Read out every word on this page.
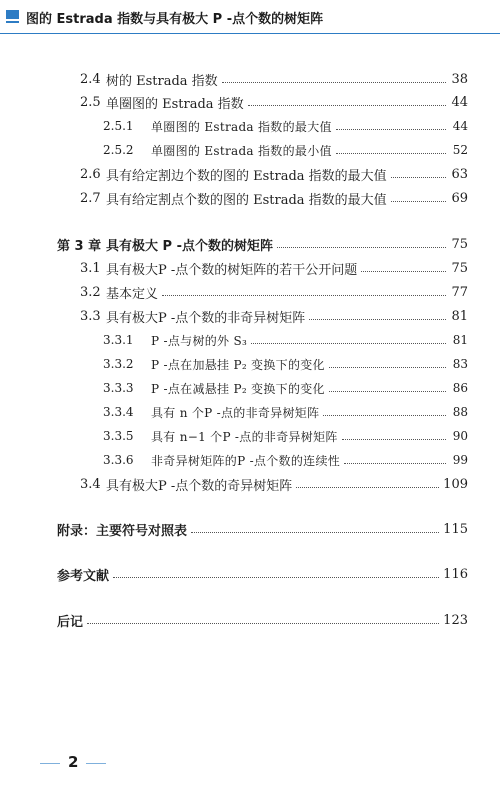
图的 Estrada 指数与具有极大 P -点个数的树矩阵
2.4 树的 Estrada 指数	38
2.5 单圈图的 Estrada 指数	44
2.5.1	单圈图的 Estrada 指数的最大值	44
2.5.2	单圈图的 Estrada 指数的最小值	52
2.6 具有给定割边个数的图的 Estrada 指数的最大值	63
2.7 具有给定割点个数的图的 Estrada 指数的最大值	69
第 3 章 具有极大 P -点个数的树矩阵	75
3.1 具有极大P -点个数的树矩阵的若干公开问题	75
3.2 基本定义	77
3.3 具有极大P -点个数的非奇异树矩阵	81
3.3.1	P -点与树的外 S₃	81
3.3.2	P -点在加悬挂 P₂ 变换下的变化	83
3.3.3	P -点在减悬挂 P₂ 变换下的变化	86
3.3.4	具有 n 个P -点的非奇异树矩阵	88
3.3.5	具有 n−1 个P -点的非奇异树矩阵	90
3.3.6	非奇异树矩阵的P -点个数的连续性	99
3.4 具有极大P -点个数的奇异树矩阵	109
附录：主要符号对照表	115
参考文献	116
后记	123
2
